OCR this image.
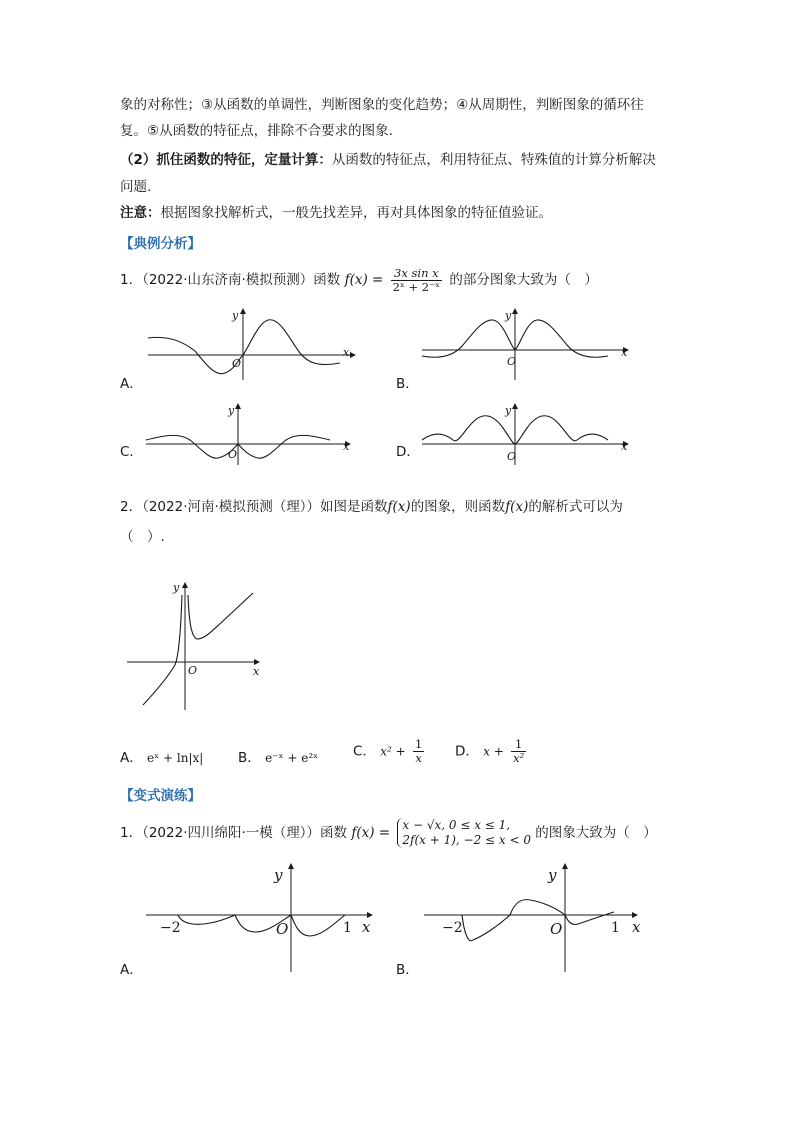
象的对称性；③从函数的单调性，判断图象的变化趋势；④从周期性，判断图象的循环往
复。⑤从函数的特征点，排除不合要求的图象.
（2）抓住函数的特征，定量计算：从函数的特征点，利用特征点、特殊值的计算分析解决
问题.
注意：根据图象找解析式，一般先找差异，再对具体图象的特征值验证。
【典例分析】
1．（2022·山东济南·模拟预测）函数 $f(x) = \frac{\text{3x sin x}}{\text{2ˣ + 2⁻ˣ}}$ 的部分图象大致为（　）
y
x
O
A．
y
x
O
B．
y
x
O
C．
y
x
O
D．
2．（2022·河南·模拟预测（理））如图是函数f(x)的图象，则函数f(x)的解析式可以为
（　）.
y
x
O
A． eˣ + ln|x|	B． e⁻ˣ + e²ˣ	C． $x^2 + \frac{1}{x}$ D． $x + \frac{1}{\text{x²}}$
【变式演练】
1．（2022·四川绵阳·一模（理））函数 f(x) = x − √x, 0 ≤ x ≤ 1,
2f(x + 1), −2 ≤ x < 0 的图象大致为（　）
y
x
O
−2	1
A．
y
x
O
−2	1
B．
